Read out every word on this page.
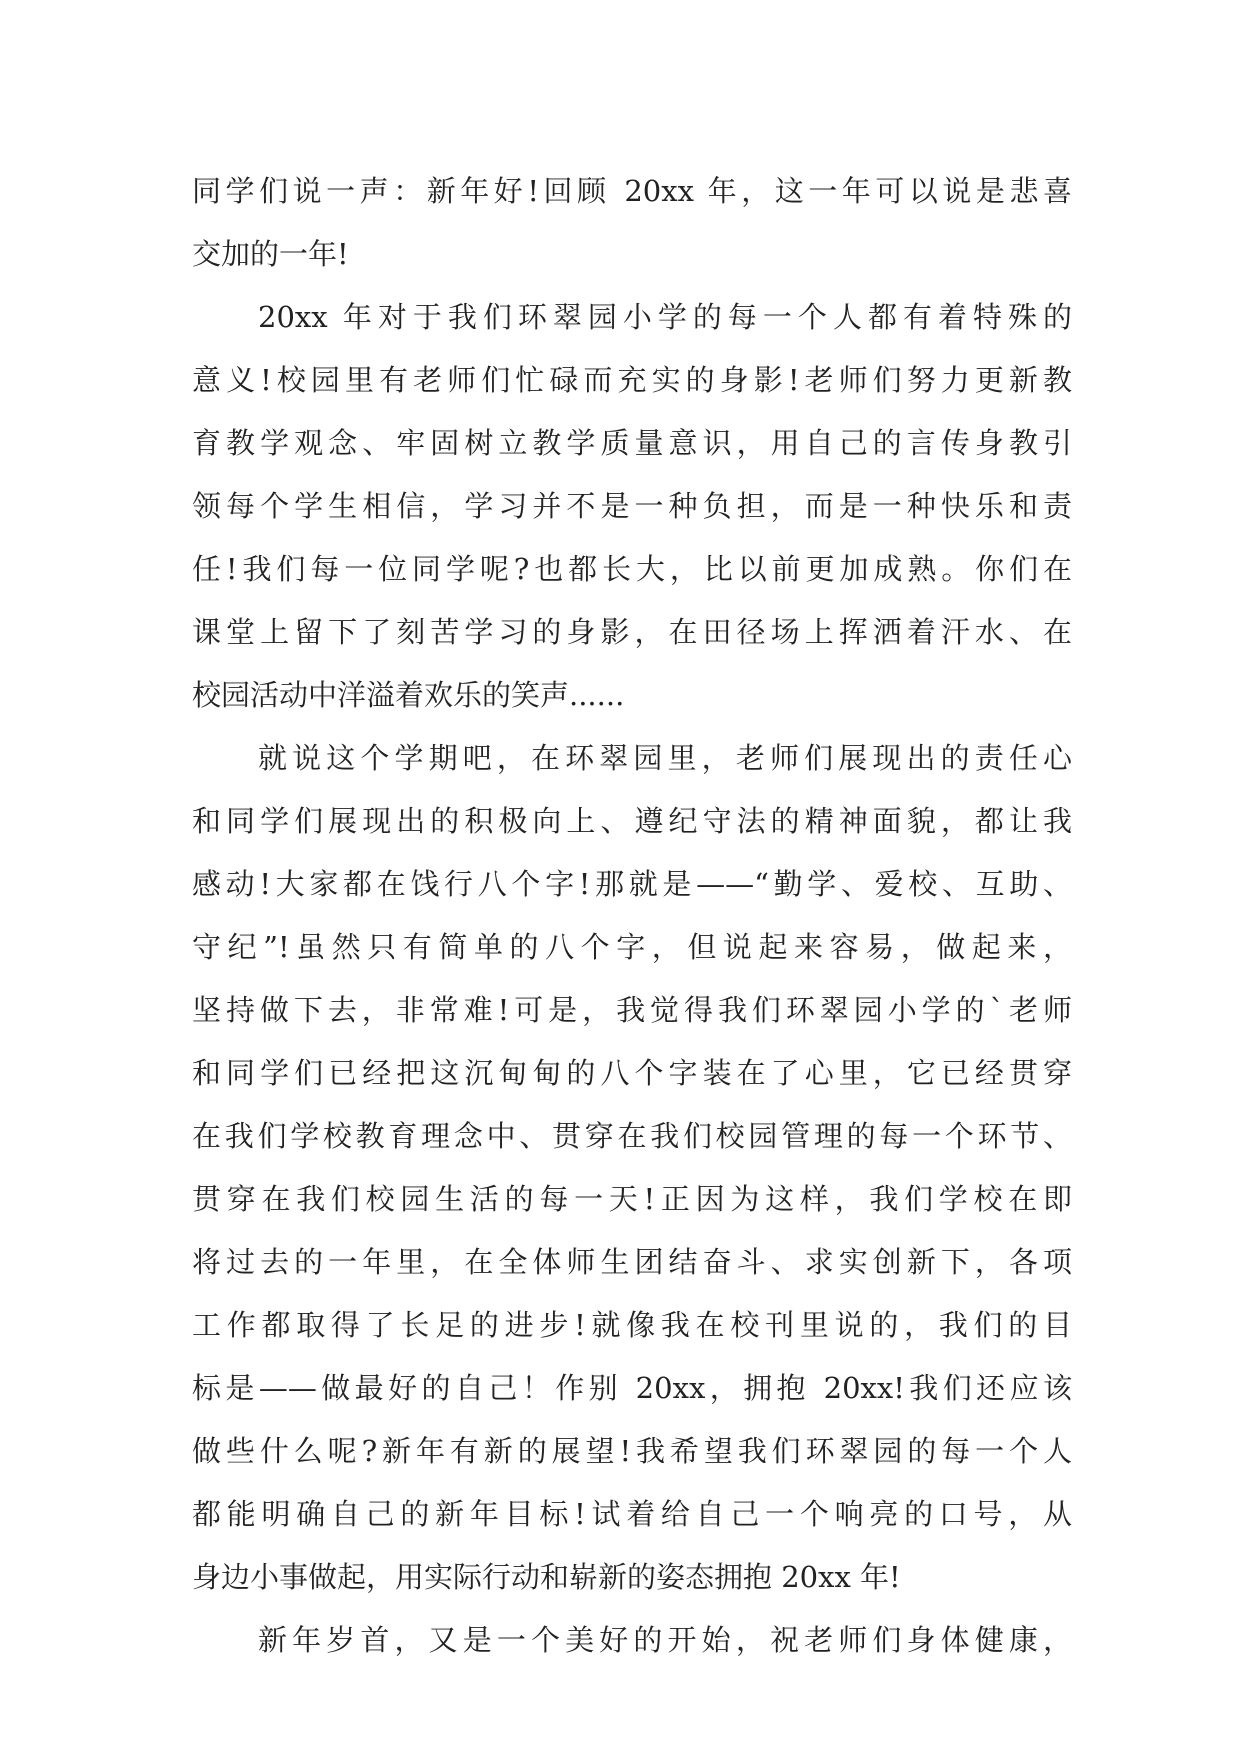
同学们说一声：新年好!回顾 20xx 年，这一年可以说是悲喜
交加的一年!
20xx 年对于我们环翠园小学的每一个人都有着特殊的
意义!校园里有老师们忙碌而充实的身影!老师们努力更新教
育教学观念、牢固树立教学质量意识，用自己的言传身教引
领每个学生相信，学习并不是一种负担，而是一种快乐和责
任!我们每一位同学呢?也都长大，比以前更加成熟。你们在
课堂上留下了刻苦学习的身影，在田径场上挥洒着汗水、在
校园活动中洋溢着欢乐的笑声......
就说这个学期吧，在环翠园里，老师们展现出的责任心
和同学们展现出的积极向上、遵纪守法的精神面貌，都让我
感动!大家都在饯行八个字!那就是——“勤学、爱校、互助、
守纪”!虽然只有简单的八个字，但说起来容易，做起来，
坚持做下去，非常难!可是，我觉得我们环翠园小学的`老师
和同学们已经把这沉甸甸的八个字装在了心里，它已经贯穿
在我们学校教育理念中、贯穿在我们校园管理的每一个环节、
贯穿在我们校园生活的每一天!正因为这样，我们学校在即
将过去的一年里，在全体师生团结奋斗、求实创新下，各项
工作都取得了长足的进步!就像我在校刊里说的，我们的目
标是——做最好的自己！作别 20xx，拥抱 20xx!我们还应该
做些什么呢?新年有新的展望!我希望我们环翠园的每一个人
都能明确自己的新年目标!试着给自己一个响亮的口号，从
身边小事做起，用实际行动和崭新的姿态拥抱 20xx 年!
新年岁首，又是一个美好的开始，祝老师们身体健康，
